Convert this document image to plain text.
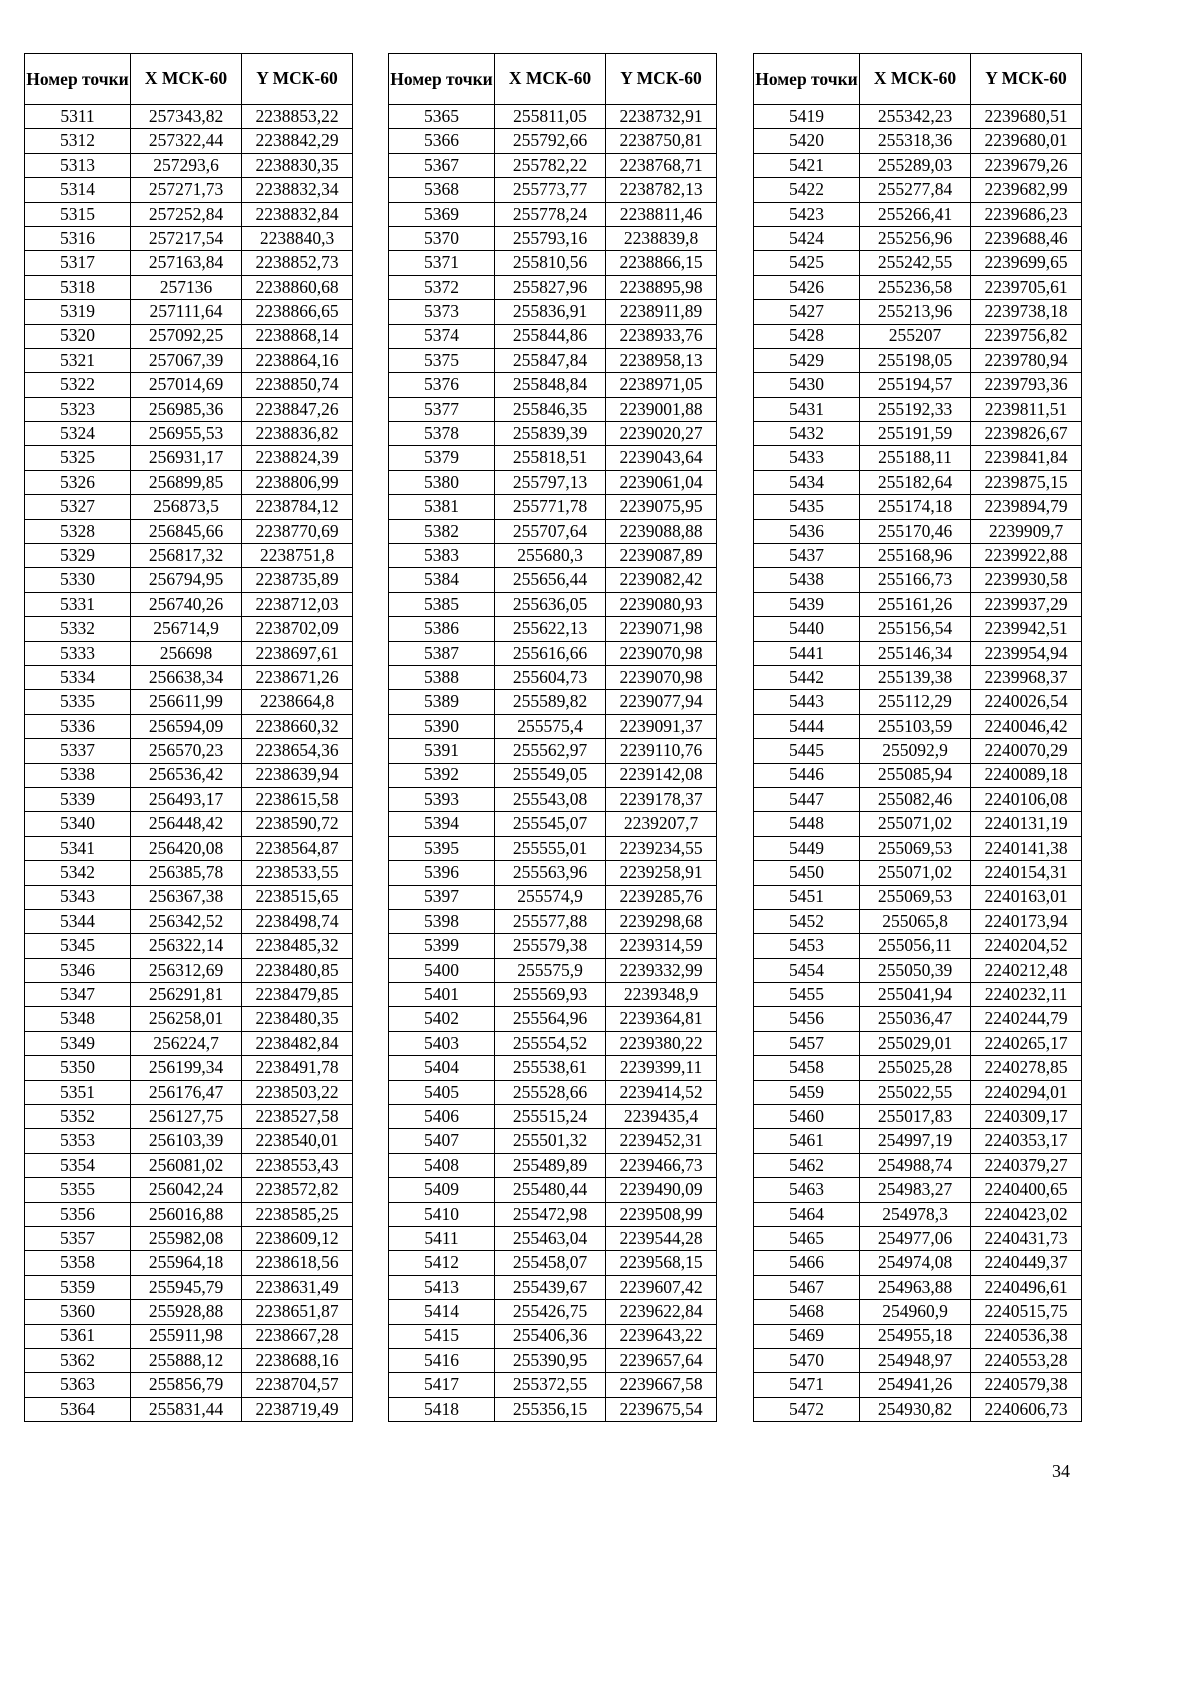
Номер точки	X МСК-60	Y МСК-60
5311	257343,82	2238853,22
5312	257322,44	2238842,29
5313	257293,6	2238830,35
5314	257271,73	2238832,34
5315	257252,84	2238832,84
5316	257217,54	2238840,3
5317	257163,84	2238852,73
5318	257136	2238860,68
5319	257111,64	2238866,65
5320	257092,25	2238868,14
5321	257067,39	2238864,16
5322	257014,69	2238850,74
5323	256985,36	2238847,26
5324	256955,53	2238836,82
5325	256931,17	2238824,39
5326	256899,85	2238806,99
5327	256873,5	2238784,12
5328	256845,66	2238770,69
5329	256817,32	2238751,8
5330	256794,95	2238735,89
5331	256740,26	2238712,03
5332	256714,9	2238702,09
5333	256698	2238697,61
5334	256638,34	2238671,26
5335	256611,99	2238664,8
5336	256594,09	2238660,32
5337	256570,23	2238654,36
5338	256536,42	2238639,94
5339	256493,17	2238615,58
5340	256448,42	2238590,72
5341	256420,08	2238564,87
5342	256385,78	2238533,55
5343	256367,38	2238515,65
5344	256342,52	2238498,74
5345	256322,14	2238485,32
5346	256312,69	2238480,85
5347	256291,81	2238479,85
5348	256258,01	2238480,35
5349	256224,7	2238482,84
5350	256199,34	2238491,78
5351	256176,47	2238503,22
5352	256127,75	2238527,58
5353	256103,39	2238540,01
5354	256081,02	2238553,43
5355	256042,24	2238572,82
5356	256016,88	2238585,25
5357	255982,08	2238609,12
5358	255964,18	2238618,56
5359	255945,79	2238631,49
5360	255928,88	2238651,87
5361	255911,98	2238667,28
5362	255888,12	2238688,16
5363	255856,79	2238704,57
5364	255831,44	2238719,49
Номер точки	X МСК-60	Y МСК-60
5365	255811,05	2238732,91
5366	255792,66	2238750,81
5367	255782,22	2238768,71
5368	255773,77	2238782,13
5369	255778,24	2238811,46
5370	255793,16	2238839,8
5371	255810,56	2238866,15
5372	255827,96	2238895,98
5373	255836,91	2238911,89
5374	255844,86	2238933,76
5375	255847,84	2238958,13
5376	255848,84	2238971,05
5377	255846,35	2239001,88
5378	255839,39	2239020,27
5379	255818,51	2239043,64
5380	255797,13	2239061,04
5381	255771,78	2239075,95
5382	255707,64	2239088,88
5383	255680,3	2239087,89
5384	255656,44	2239082,42
5385	255636,05	2239080,93
5386	255622,13	2239071,98
5387	255616,66	2239070,98
5388	255604,73	2239070,98
5389	255589,82	2239077,94
5390	255575,4	2239091,37
5391	255562,97	2239110,76
5392	255549,05	2239142,08
5393	255543,08	2239178,37
5394	255545,07	2239207,7
5395	255555,01	2239234,55
5396	255563,96	2239258,91
5397	255574,9	2239285,76
5398	255577,88	2239298,68
5399	255579,38	2239314,59
5400	255575,9	2239332,99
5401	255569,93	2239348,9
5402	255564,96	2239364,81
5403	255554,52	2239380,22
5404	255538,61	2239399,11
5405	255528,66	2239414,52
5406	255515,24	2239435,4
5407	255501,32	2239452,31
5408	255489,89	2239466,73
5409	255480,44	2239490,09
5410	255472,98	2239508,99
5411	255463,04	2239544,28
5412	255458,07	2239568,15
5413	255439,67	2239607,42
5414	255426,75	2239622,84
5415	255406,36	2239643,22
5416	255390,95	2239657,64
5417	255372,55	2239667,58
5418	255356,15	2239675,54
Номер точки	X МСК-60	Y МСК-60
5419	255342,23	2239680,51
5420	255318,36	2239680,01
5421	255289,03	2239679,26
5422	255277,84	2239682,99
5423	255266,41	2239686,23
5424	255256,96	2239688,46
5425	255242,55	2239699,65
5426	255236,58	2239705,61
5427	255213,96	2239738,18
5428	255207	2239756,82
5429	255198,05	2239780,94
5430	255194,57	2239793,36
5431	255192,33	2239811,51
5432	255191,59	2239826,67
5433	255188,11	2239841,84
5434	255182,64	2239875,15
5435	255174,18	2239894,79
5436	255170,46	2239909,7
5437	255168,96	2239922,88
5438	255166,73	2239930,58
5439	255161,26	2239937,29
5440	255156,54	2239942,51
5441	255146,34	2239954,94
5442	255139,38	2239968,37
5443	255112,29	2240026,54
5444	255103,59	2240046,42
5445	255092,9	2240070,29
5446	255085,94	2240089,18
5447	255082,46	2240106,08
5448	255071,02	2240131,19
5449	255069,53	2240141,38
5450	255071,02	2240154,31
5451	255069,53	2240163,01
5452	255065,8	2240173,94
5453	255056,11	2240204,52
5454	255050,39	2240212,48
5455	255041,94	2240232,11
5456	255036,47	2240244,79
5457	255029,01	2240265,17
5458	255025,28	2240278,85
5459	255022,55	2240294,01
5460	255017,83	2240309,17
5461	254997,19	2240353,17
5462	254988,74	2240379,27
5463	254983,27	2240400,65
5464	254978,3	2240423,02
5465	254977,06	2240431,73
5466	254974,08	2240449,37
5467	254963,88	2240496,61
5468	254960,9	2240515,75
5469	254955,18	2240536,38
5470	254948,97	2240553,28
5471	254941,26	2240579,38
5472	254930,82	2240606,73
34
